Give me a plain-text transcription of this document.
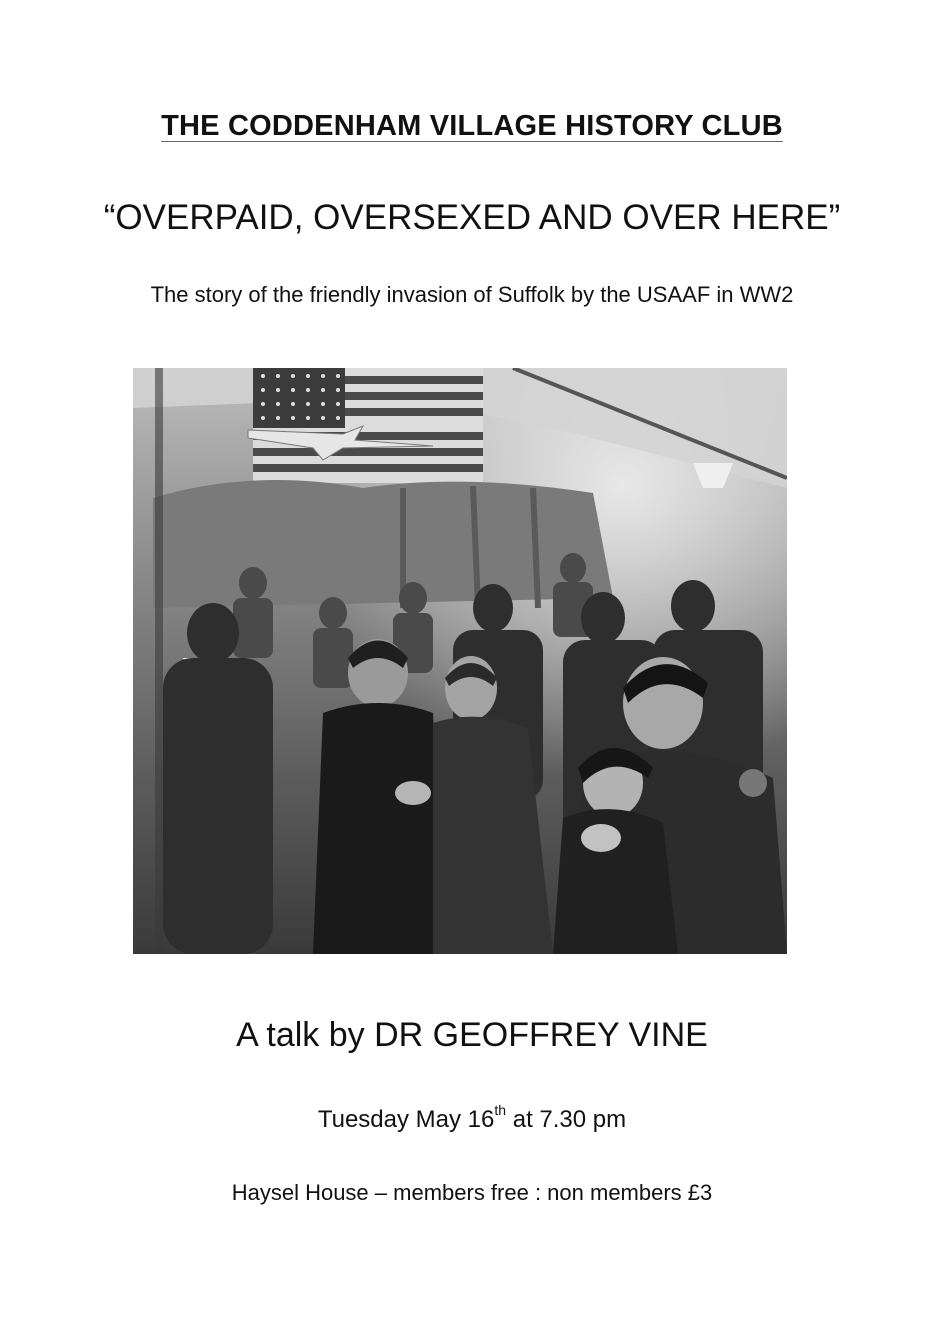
THE CODDENHAM VILLAGE HISTORY CLUB
“OVERPAID, OVERSEXED AND OVER HERE”
The story of the friendly invasion of Suffolk by the USAAF in WW2
A talk by DR GEOFFREY VINE
Tuesday May 16th at 7.30 pm
Haysel House – members free : non members £3
